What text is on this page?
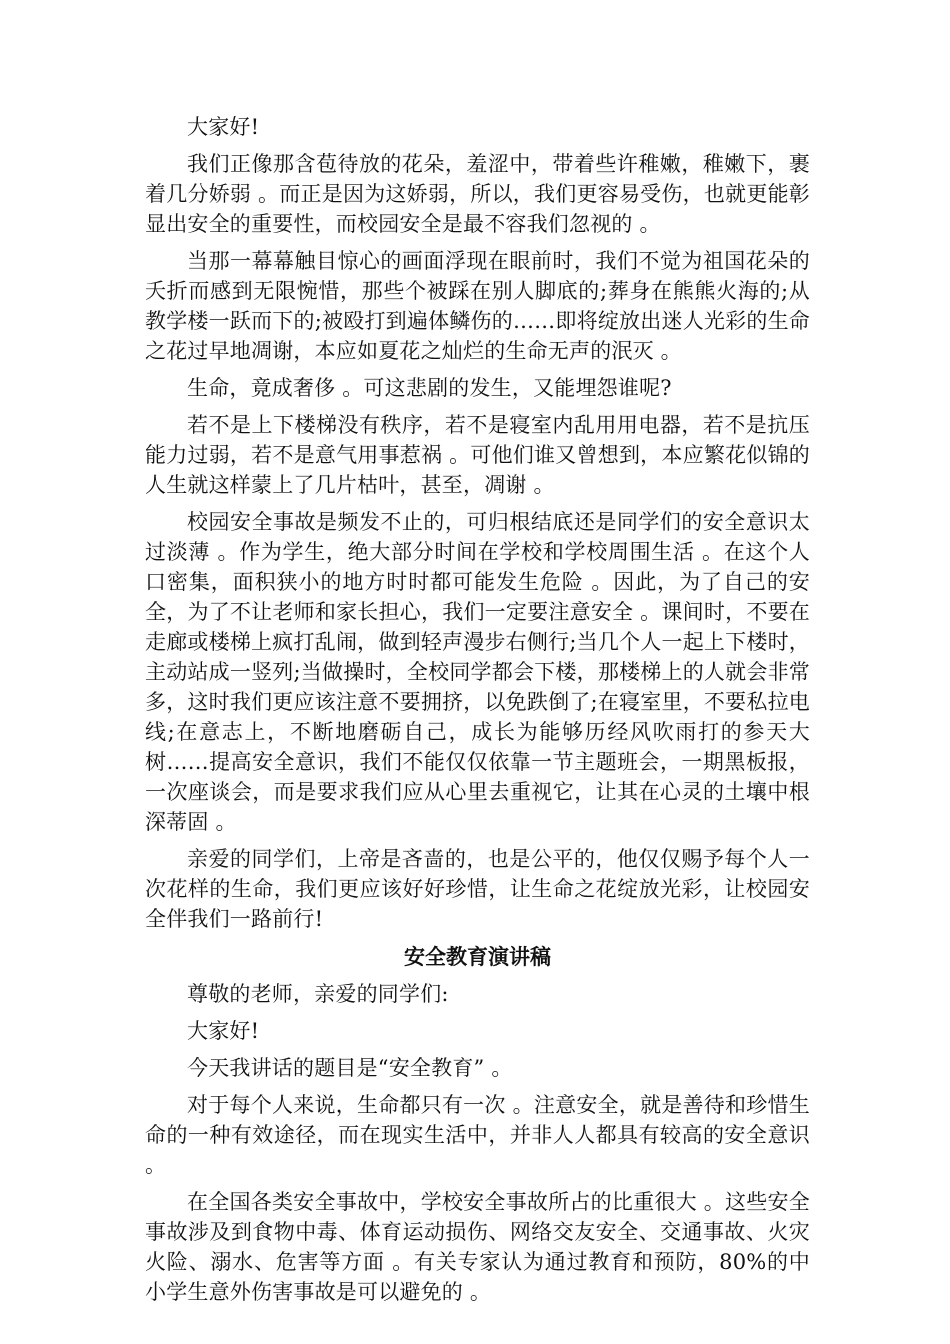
大家好!

我们正像那含苞待放的花朵，羞涩中，带着些许稚嫩，稚嫩下，裹着几分娇弱 。而正是因为这娇弱，所以，我们更容易受伤，也就更能彰显出安全的重要性，而校园安全是最不容我们忽视的 。

当那一幕幕触目惊心的画面浮现在眼前时，我们不觉为祖国花朵的夭折而感到无限惋惜，那些个被踩在别人脚底的;葬身在熊熊火海的;从教学楼一跃而下的;被殴打到遍体鳞伤的……即将绽放出迷人光彩的生命之花过早地凋谢，本应如夏花之灿烂的生命无声的泯灭 。

生命，竟成奢侈 。可这悲剧的发生，又能埋怨谁呢?

若不是上下楼梯没有秩序，若不是寝室内乱用用电器，若不是抗压能力过弱，若不是意气用事惹祸 。可他们谁又曾想到，本应繁花似锦的人生就这样蒙上了几片枯叶，甚至，凋谢 。

校园安全事故是频发不止的，可归根结底还是同学们的安全意识太过淡薄 。作为学生，绝大部分时间在学校和学校周围生活 。在这个人口密集，面积狭小的地方时时都可能发生危险 。因此，为了自己的安全，为了不让老师和家长担心，我们一定要注意安全 。课间时，不要在走廊或楼梯上疯打乱闹，做到轻声漫步右侧行;当几个人一起上下楼时，主动站成一竖列;当做操时，全校同学都会下楼，那楼梯上的人就会非常多，这时我们更应该注意不要拥挤，以免跌倒了;在寝室里，不要私拉电线;在意志上，不断地磨砺自己，成长为能够历经风吹雨打的参天大树……提高安全意识，我们不能仅仅依靠一节主题班会，一期黑板报，一次座谈会，而是要求我们应从心里去重视它，让其在心灵的土壤中根深蒂固 。

亲爱的同学们，上帝是吝啬的，也是公平的，他仅仅赐予每个人一次花样的生命，我们更应该好好珍惜，让生命之花绽放光彩，让校园安全伴我们一路前行!

安全教育演讲稿

尊敬的老师，亲爱的同学们:

大家好!

今天我讲话的题目是“安全教育” 。

对于每个人来说，生命都只有一次 。注意安全，就是善待和珍惜生命的一种有效途径，而在现实生活中，并非人人都具有较高的安全意识 。

在全国各类安全事故中，学校安全事故所占的比重很大 。这些安全事故涉及到食物中毒、体育运动损伤、网络交友安全、交通事故、火灾火险、溺水、危害等方面 。有关专家认为通过教育和预防，80%的中小学生意外伤害事故是可以避免的 。
